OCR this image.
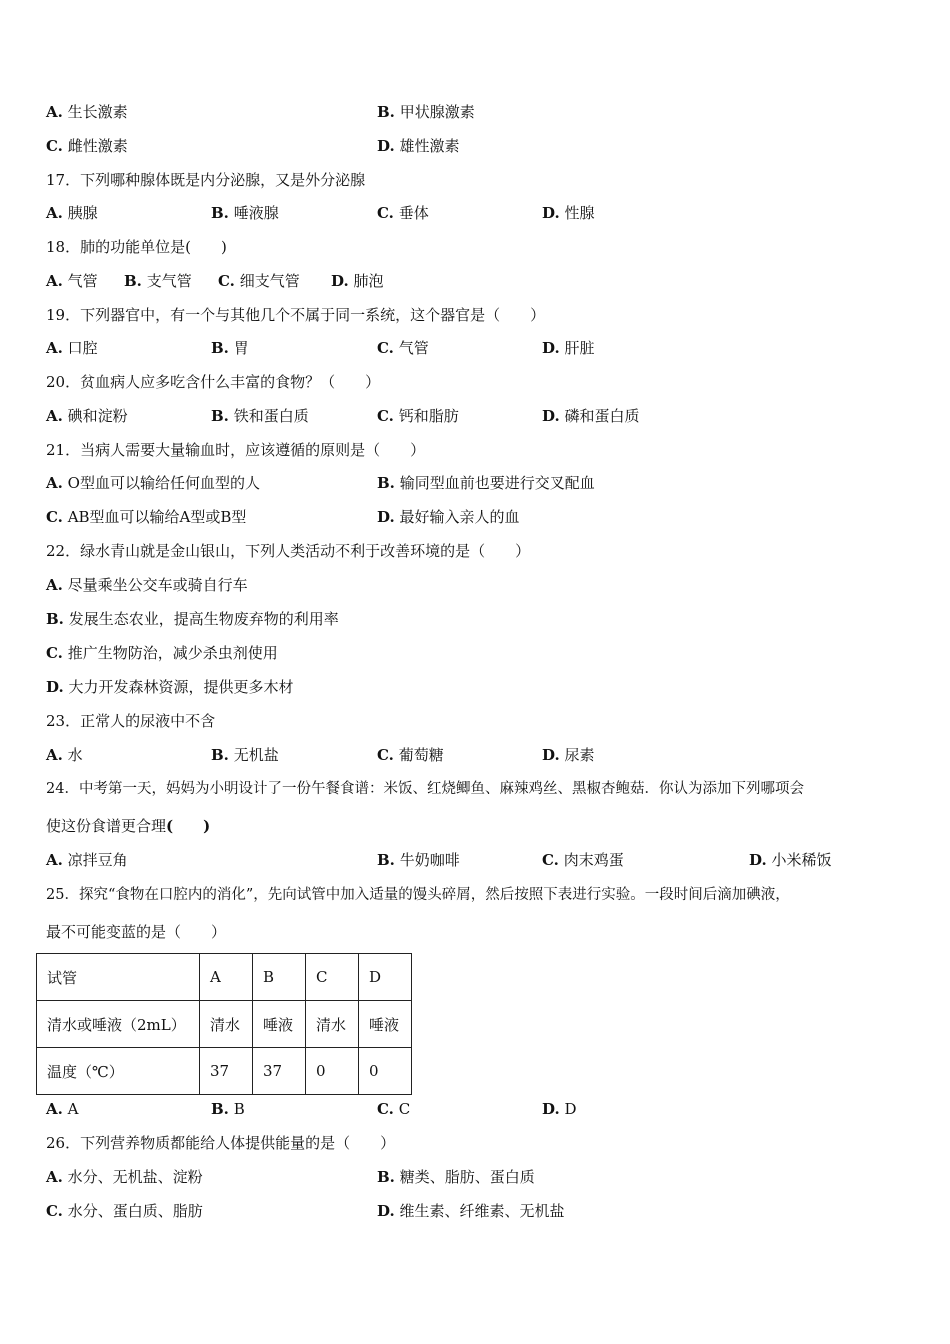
A. 生长激素	B. 甲状腺激素
C. 雌性激素	D. 雄性激素
17．下列哪种腺体既是内分泌腺，又是外分泌腺
A. 胰腺	B. 唾液腺	C. 垂体	D. 性腺
18．肺的功能单位是(　　)
A. 气管 B. 支气管 C. 细支气管 D. 肺泡
19．下列器官中，有一个与其他几个不属于同一系统，这个器官是（　　）
A. 口腔	B. 胃	C. 气管	D. 肝脏
20．贫血病人应多吃含什么丰富的食物？（　　）
A. 碘和淀粉	B. 铁和蛋白质	C. 钙和脂肪	D. 磷和蛋白质
21．当病人需要大量输血时，应该遵循的原则是（　　）
A. O型血可以输给任何血型的人	B. 输同型血前也要进行交叉配血
C. AB型血可以输给A型或B型	D. 最好输入亲人的血
22．绿水青山就是金山银山，下列人类活动不利于改善环境的是（　　）
A. 尽量乘坐公交车或骑自行车
B. 发展生态农业，提高生物废弃物的利用率
C. 推广生物防治，减少杀虫剂使用
D. 大力开发森林资源，提供更多木材
23．正常人的尿液中不含
A. 水	B. 无机盐	C. 葡萄糖	D. 尿素
24．中考第一天，妈妈为小明设计了一份午餐食谱：米饭、红烧鲫鱼、麻辣鸡丝、黑椒杏鲍菇．你认为添加下列哪项会
使这份食谱更合理(　　)
A. 凉拌豆角	B. 牛奶咖啡	C. 肉末鸡蛋	D. 小米稀饭
25．探究“食物在口腔内的消化”，先向试管中加入适量的馒头碎屑，然后按照下表进行实验。一段时间后滴加碘液，
最不可能变蓝的是（　　）
试管	A	B	C	D
清水或唾液（2mL）	清水	唾液	清水	唾液
温度（℃）	37	37	0	0
A. A	B. B	C. C	D. D
26．下列营养物质都能给人体提供能量的是（　　）
A. 水分、无机盐、淀粉	B. 糖类、脂肪、蛋白质
C. 水分、蛋白质、脂肪	D. 维生素、纤维素、无机盐
